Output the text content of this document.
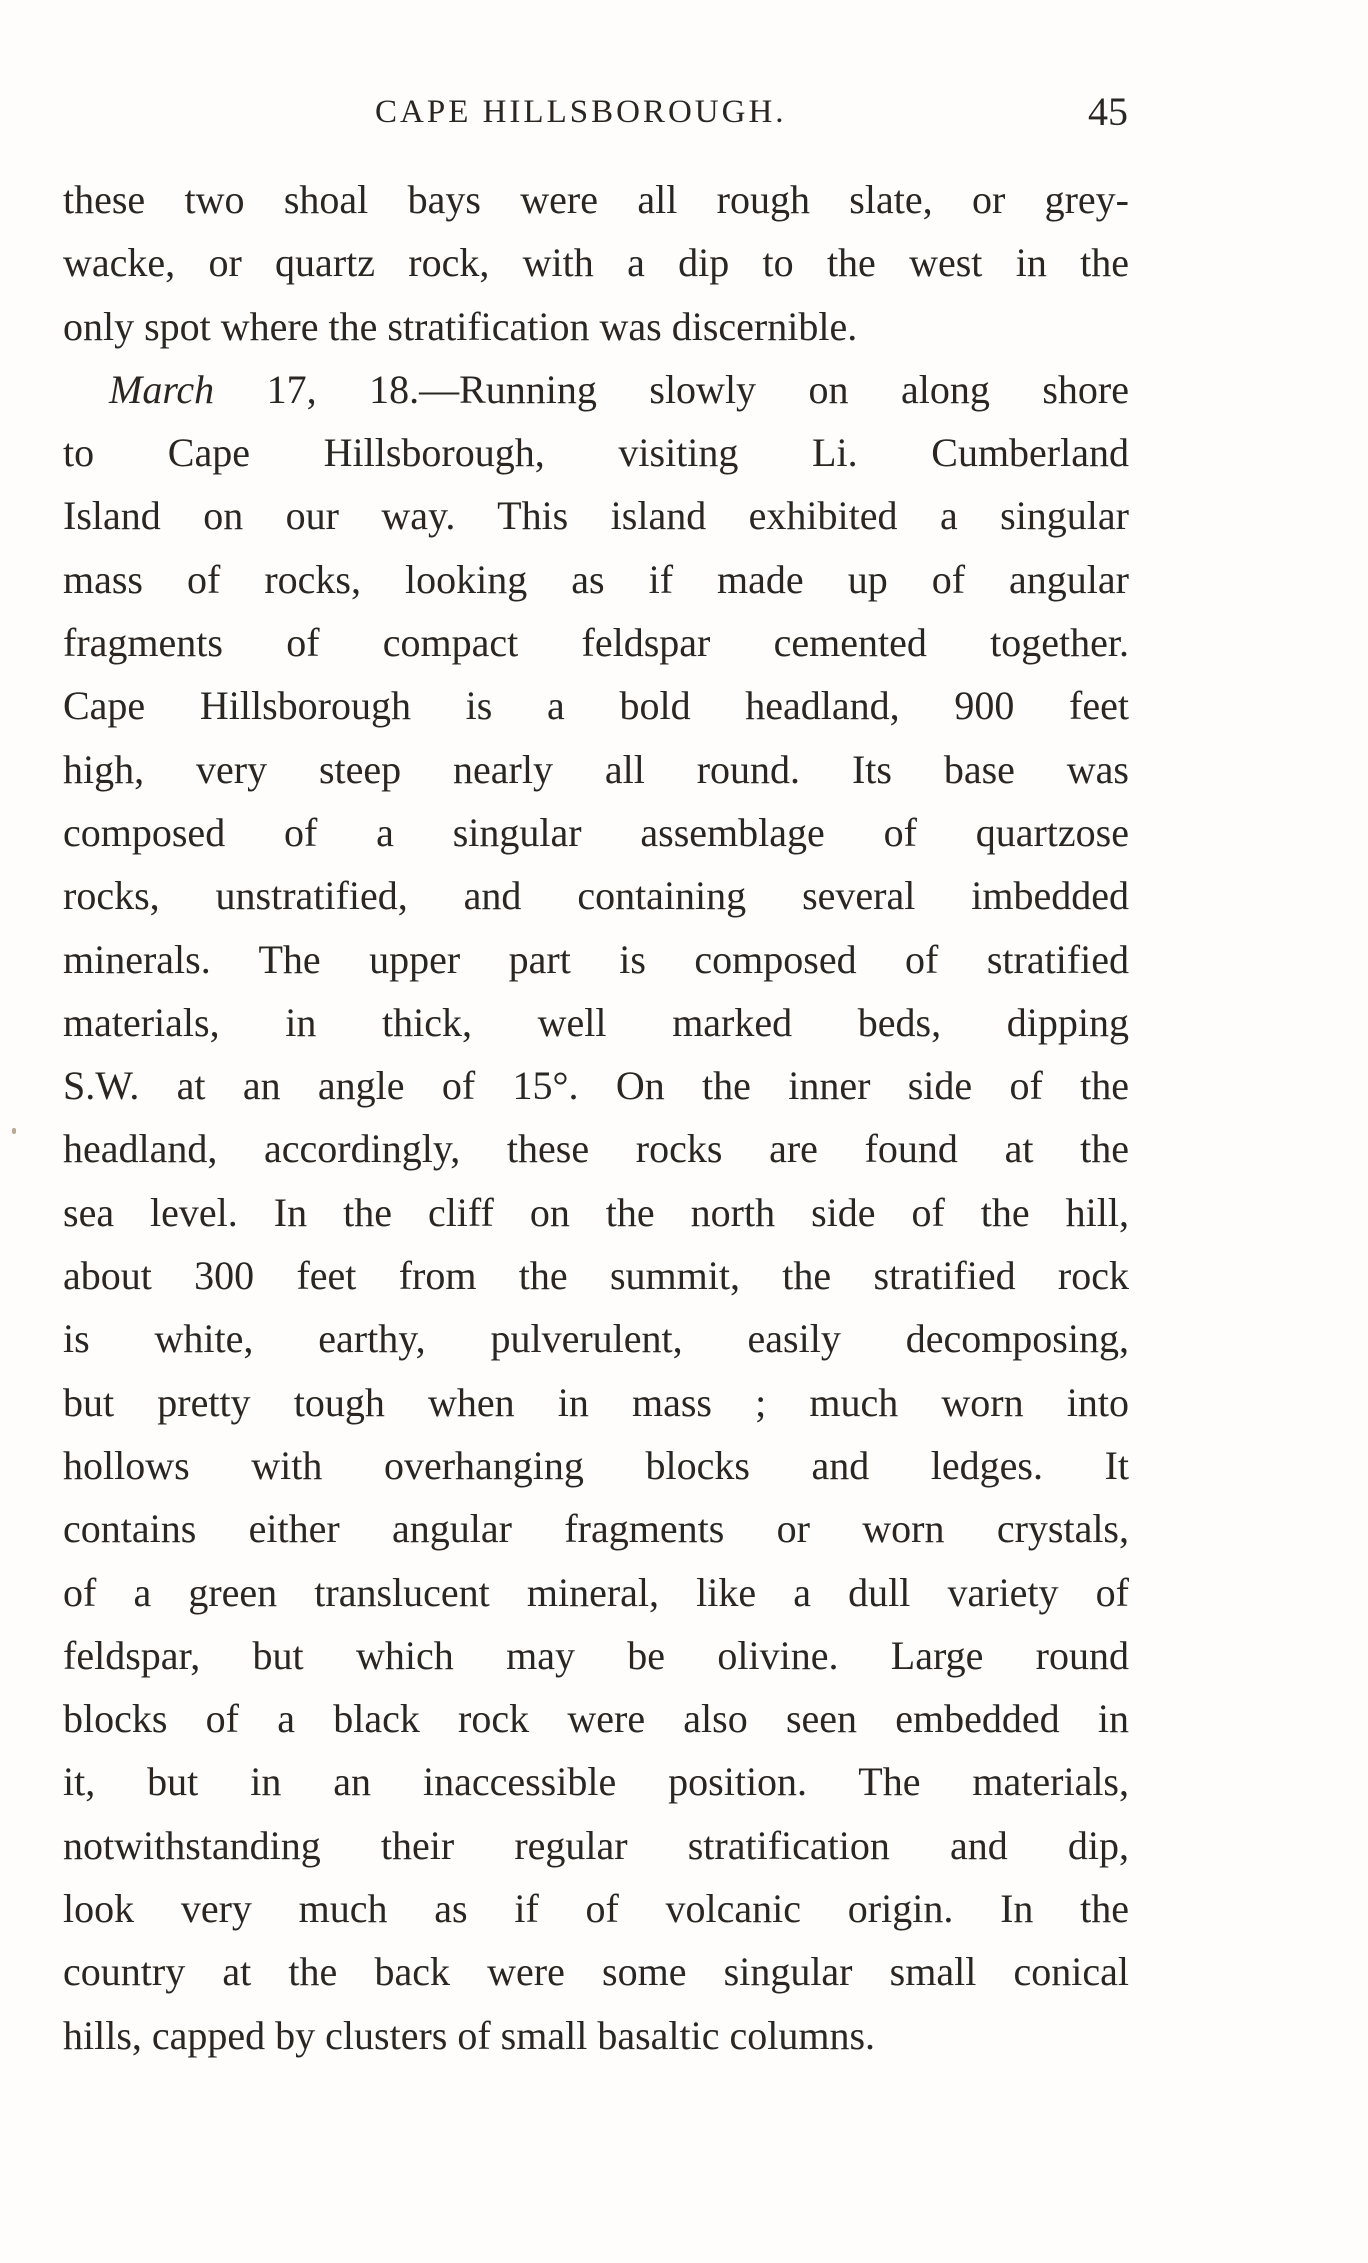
CAPE HILLSBOROUGH.	45
these two shoal bays were all rough slate, or grey-
wacke, or quartz rock, with a dip to the west in the
only spot where the stratification was discernible.
March 17, 18.—Running slowly on along shore
to Cape Hillsborough, visiting Li. Cumberland
Island on our way. This island exhibited a singular
mass of rocks, looking as if made up of angular
fragments of compact feldspar cemented together.
Cape Hillsborough is a bold headland, 900 feet
high, very steep nearly all round. Its base was
composed of a singular assemblage of quartzose
rocks, unstratified, and containing several imbedded
minerals. The upper part is composed of stratified
materials, in thick, well marked beds, dipping
S.W. at an angle of 15°. On the inner side of the
headland, accordingly, these rocks are found at the
sea level. In the cliff on the north side of the hill,
about 300 feet from the summit, the stratified rock
is white, earthy, pulverulent, easily decomposing,
but pretty tough when in mass ; much worn into
hollows with overhanging blocks and ledges. It
contains either angular fragments or worn crystals,
of a green translucent mineral, like a dull variety of
feldspar, but which may be olivine. Large round
blocks of a black rock were also seen embedded in
it, but in an inaccessible position. The materials,
notwithstanding their regular stratification and dip,
look very much as if of volcanic origin. In the
country at the back were some singular small conical
hills, capped by clusters of small basaltic columns.
